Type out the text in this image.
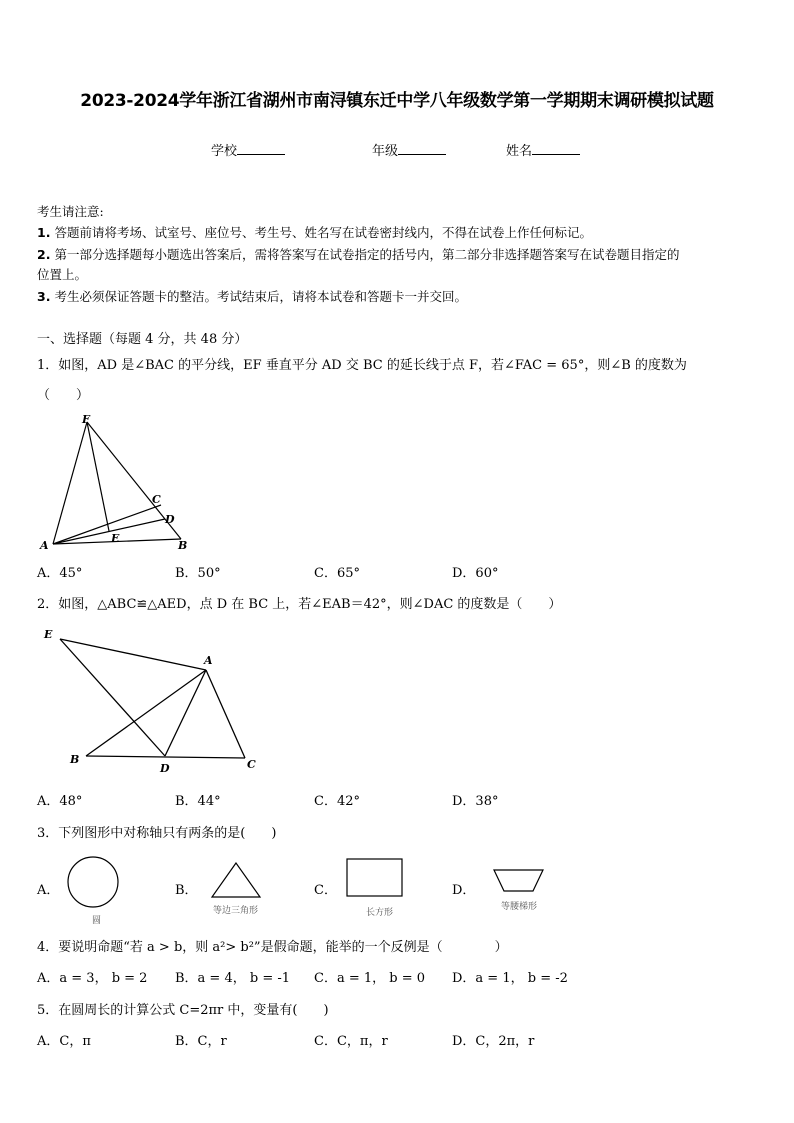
2023-2024学年浙江省湖州市南浔镇东迁中学八年级数学第一学期期末调研模拟试题
学校	年级	姓名
考生请注意:
1. 答题前请将考场、试室号、座位号、考生号、姓名写在试卷密封线内，不得在试卷上作任何标记。
2. 第一部分选择题每小题选出答案后，需将答案写在试卷指定的括号内，第二部分非选择题答案写在试卷题目指定的
位置上。
3. 考生必须保证答题卡的整洁。考试结束后，请将本试卷和答题卡一并交回。
一、选择题（每题 4 分，共 48 分）
1．如图，AD 是∠BAC 的平分线，EF 垂直平分 AD 交 BC 的延长线于点 F，若∠FAC = 65°，则∠B 的度数为
（　　）
F
C
D
A
E
B
A．45°	B．50°	C．65°	D．60°
2．如图，△ABC≌△AED，点 D 在 BC 上，若∠EAB＝42°，则∠DAC 的度数是（　　）
E
A
B
D	C
A．48°	B．44°	C．42°	D．38°
3．下列图形中对称轴只有两条的是(　　)
A．
圆
B．
等边三角形
C．
长方形
D．
等腰梯形
4．要说明命题“若 a > b，则 a²> b²”是假命题，能举的一个反例是（　　　　）
A．a = 3， b = 2 B．a = 4， b = -1 C．a = 1， b = 0 D．a = 1， b = -2
5．在圆周长的计算公式 C=2πr 中，变量有(　　)
A．C，π	B．C，r	C．C，π，r	D．C，2π，r
